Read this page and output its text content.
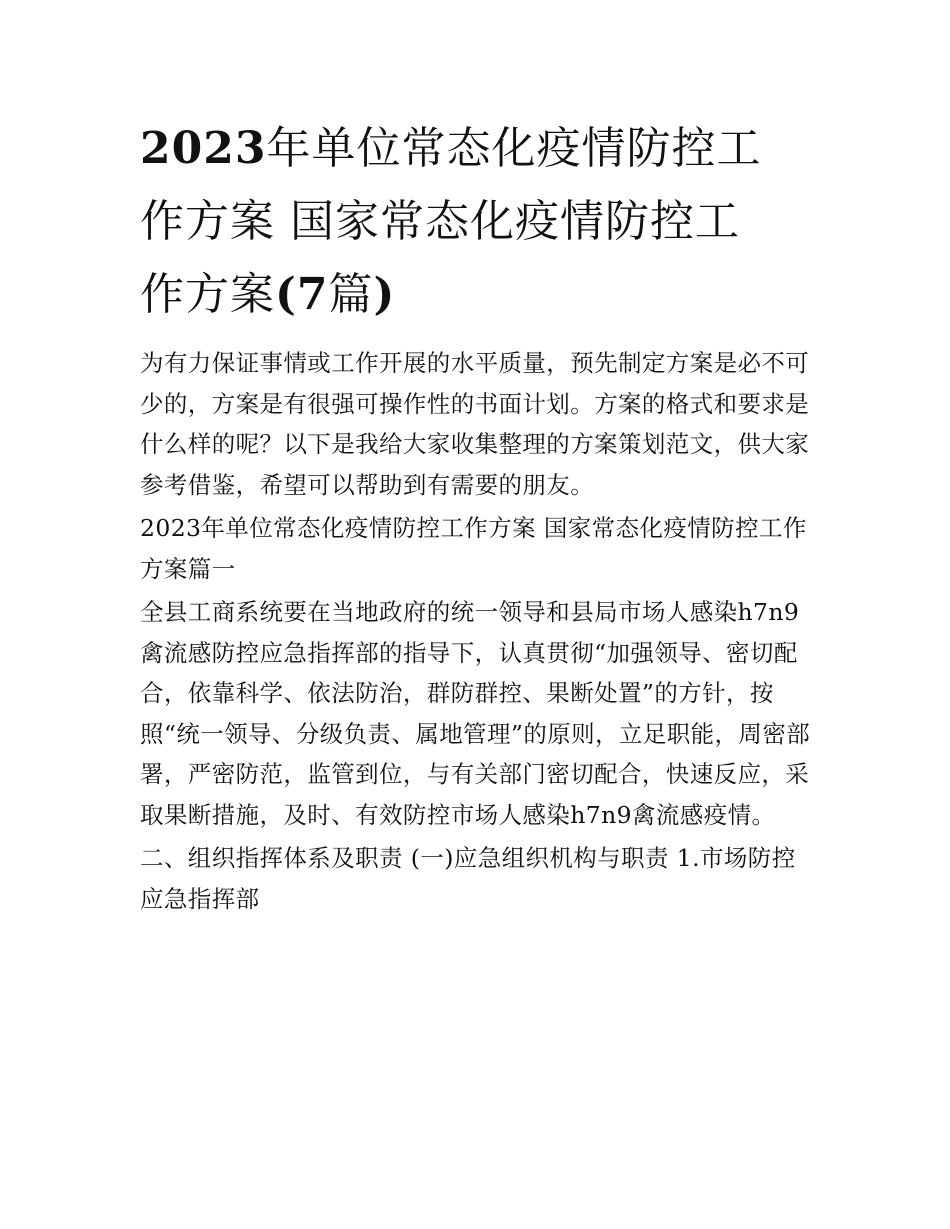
2023年单位常态化疫情防控工
作方案 国家常态化疫情防控工
作方案(7篇)

为有力保证事情或工作开展的水平质量，预先制定方案是必不可少的，方案是有很强可操作性的书面计划。方案的格式和要求是什么样的呢？以下是我给大家收集整理的方案策划范文，供大家参考借鉴，希望可以帮助到有需要的朋友。

2023年单位常态化疫情防控工作方案 国家常态化疫情防控工作方案篇一

全县工商系统要在当地政府的统一领导和县局市场人感染h7n9禽流感防控应急指挥部的指导下，认真贯彻“加强领导、密切配合，依靠科学、依法防治，群防群控、果断处置”的方针，按照“统一领导、分级负责、属地管理”的原则，立足职能，周密部署，严密防范，监管到位，与有关部门密切配合，快速反应，采取果断措施，及时、有效防控市场人感染h7n9禽流感疫情。

二、组织指挥体系及职责 (一)应急组织机构与职责 1.市场防控应急指挥部
